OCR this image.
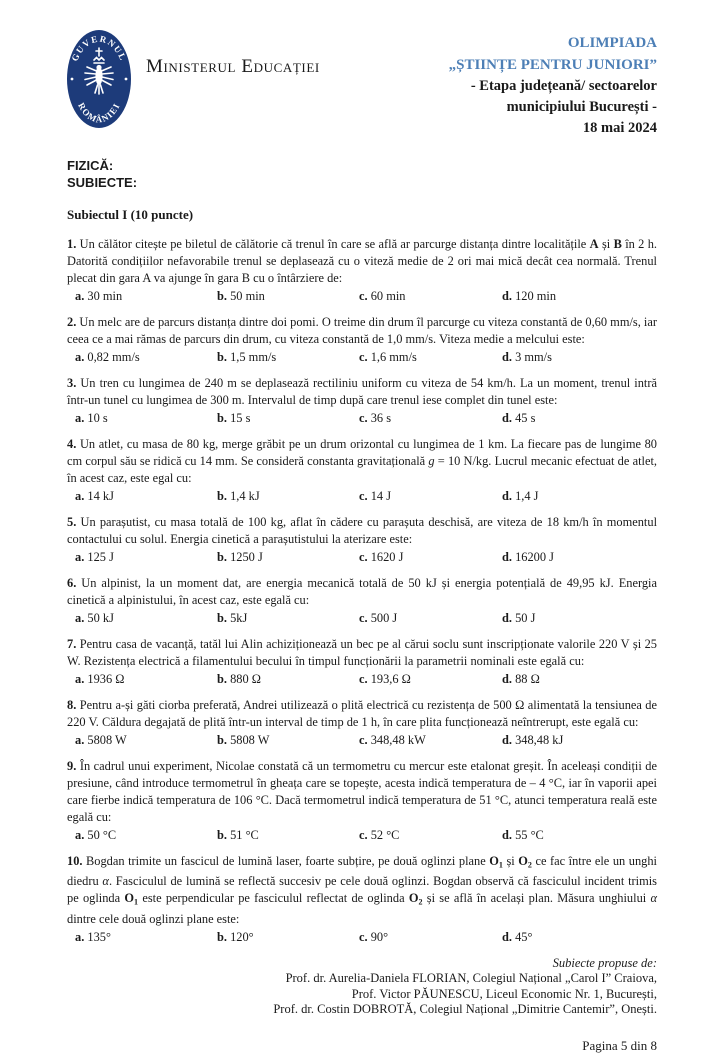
GUVERNUL
ROMÂNIEI
Ministerul Educației
OLIMPIADA
„ȘTIINȚE PENTRU JUNIORI”
- Etapa județeană/ sectoarelor
municipiului București -
18 mai 2024
FIZICĂ:
SUBIECTE:
Subiectul I (10 puncte)

1. Un călător citește pe biletul de călătorie că trenul în care se află ar parcurge distanța dintre localitățile A și B în 2 h. Datorită condițiilor nefavorabile trenul se deplasează cu o viteză medie de 2 ori mai mică decât cea normală. Trenul plecat din gara A va ajunge în gara B cu o întârziere de:

a. 30 min	b. 50 min	c. 60 min	d. 120 min

2. Un melc are de parcurs distanța dintre doi pomi. O treime din drum îl parcurge cu viteza constantă de 0,60 mm/s, iar ceea ce a mai rămas de parcurs din drum, cu viteza constantă de 1,0 mm/s. Viteza medie a melcului este:

a. 0,82 mm/s	b. 1,5 mm/s	c. 1,6 mm/s	d. 3 mm/s

3. Un tren cu lungimea de 240 m se deplasează rectiliniu uniform cu viteza de 54 km/h. La un moment, trenul intră într-un tunel cu lungimea de 300 m. Intervalul de timp după care trenul iese complet din tunel este:

a. 10 s	b. 15 s	c. 36 s	d. 45 s

4. Un atlet, cu masa de 80 kg, merge grăbit pe un drum orizontal cu lungimea de 1 km. La fiecare pas de lungime 80 cm corpul său se ridică cu 14 mm. Se consideră constanta gravitațională g = 10 N/kg. Lucrul mecanic efectuat de atlet, în acest caz, este egal cu:

a. 14 kJ	b. 1,4 kJ	c. 14 J	d. 1,4 J

5. Un parașutist, cu masa totală de 100 kg, aflat în cădere cu parașuta deschisă, are viteza de 18 km/h în momentul contactului cu solul. Energia cinetică a parașutistului la aterizare este:

a. 125 J	b. 1250 J	c. 1620 J	d. 16200 J

6. Un alpinist, la un moment dat, are energia mecanică totală de 50 kJ și energia potențială de 49,95 kJ. Energia cinetică a alpinistului, în acest caz, este egală cu:

a. 50 kJ	b. 5kJ	c. 500 J	d. 50 J

7. Pentru casa de vacanță, tatăl lui Alin achiziționează un bec pe al cărui soclu sunt inscripționate valorile 220 V și 25 W. Rezistența electrică a filamentului becului în timpul funcționării la parametrii nominali este egală cu:

a. 1936 Ω	b. 880 Ω	c. 193,6 Ω	d. 88 Ω

8. Pentru a-și găti ciorba preferată, Andrei utilizează o plită electrică cu rezistența de 500 Ω alimentată la tensiunea de 220 V. Căldura degajată de plită într-un interval de timp de 1 h, în care plita funcționează neîntrerupt, este egală cu:

a. 5808 W	b. 5808 W	c. 348,48 kW	d. 348,48 kJ

9. În cadrul unui experiment, Nicolae constată că un termometru cu mercur este etalonat greșit. În aceleași condiții de presiune, când introduce termometrul în gheața care se topește, acesta indică temperatura de – 4 °C, iar în vaporii apei care fierbe indică temperatura de 106 °C. Dacă termometrul indică temperatura de 51 °C, atunci temperatura reală este egală cu:

a. 50 °C	b. 51 °C	c. 52 °C	d. 55 °C

10. Bogdan trimite un fascicul de lumină laser, foarte subțire, pe două oglinzi plane $O_1$ și $O_2$ ce fac între ele un unghi diedru α. Fasciculul de lumină se reflectă succesiv pe cele două oglinzi. Bogdan observă că fasciculul incident trimis pe oglinda $O_1$ este perpendicular pe fasciculul reflectat de oglinda $O_2$ și se află în același plan. Măsura unghiului α dintre cele două oglinzi plane este:

a. 135°	b. 120°	c. 90°	d. 45°
Subiecte propuse de:
Prof. dr. Aurelia-Daniela FLORIAN, Colegiul Național „Carol I” Craiova,
Prof. Victor PĂUNESCU, Liceul Economic Nr. 1, București,
Prof. dr. Costin DOBROTĂ, Colegiul Național „Dimitrie Cantemir”, Onești.
Pagina 5 din 8
